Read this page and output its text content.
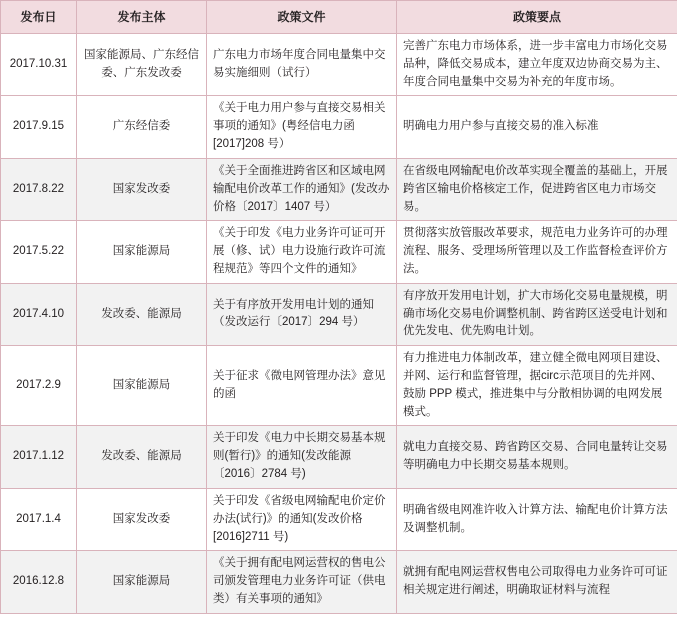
发布日	发布主体	政策文件	政策要点
2017.10.31	国家能源局、广东经信委、广东发改委	广东电力市场年度合同电量集中交易实施细则（试行）	完善广东电力市场体系，进一步丰富电力市场化交易品种，降低交易成本，建立年度双边协商交易为主、年度合同电量集中交易为补充的年度市场。
2017.9.15	广东经信委	《关于电力用户参与直接交易相关事项的通知》(粤经信电力函[2017]208 号）	明确电力用户参与直接交易的准入标准
2017.8.22	国家发改委	《关于全面推进跨省区和区域电网输配电价改革工作的通知》(发改办价格〔2017〕1407 号）	在省级电网输配电价改革实现全覆盖的基础上，开展跨省区输电价格核定工作，促进跨省区电力市场交易。
2017.5.22	国家能源局	《关于印发《电力业务许可证可开展（修、试）电力设施行政许可流程规范》等四个文件的通知》	贯彻落实放管服改革要求，规范电力业务许可的办理流程、服务、受理场所管理以及工作监督检查评价方法。
2017.4.10	发改委、能源局	关于有序放开发用电计划的通知（发改运行〔2017〕294 号）	有序放开发用电计划，扩大市场化交易电量规模，明确市场化交易电价调整机制、跨省跨区送受电计划和优先发电、优先购电计划。
2017.2.9	国家能源局	关于征求《微电网管理办法》意见的函	有力推进电力体制改革，建立健全微电网项目建设、并网、运行和监督管理，据circ示范项目的先并网、鼓励 PPP 模式，推进集中与分散相协调的电网发展模式。
2017.1.12	发改委、能源局	关于印发《电力中长期交易基本规则(暂行)》的通知(发改能源〔2016〕2784 号)	就电力直接交易、跨省跨区交易、合同电量转让交易等明确电力中长期交易基本规则。
2017.1.4	国家发改委	关于印发《省级电网输配电价定价办法(试行)》的通知(发改价格[2016]2711 号)	明确省级电网准许收入计算方法、输配电价计算方法及调整机制。
2016.12.8	国家能源局	《关于拥有配电网运营权的售电公司颁发管理电力业务许可证（供电类）有关事项的通知》	就拥有配电网运营权售电公司取得电力业务许可可证相关规定进行阐述，明确取证材料与流程
